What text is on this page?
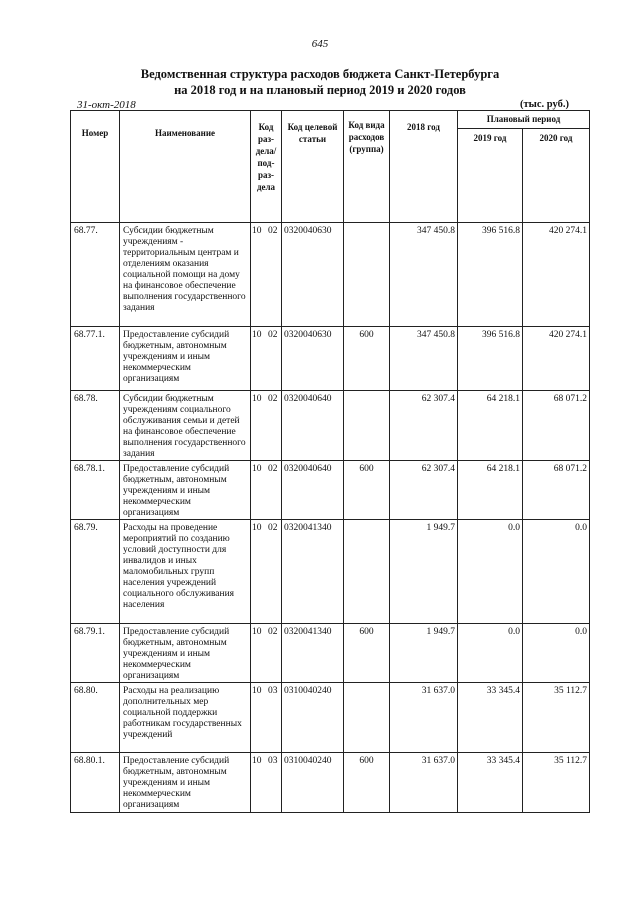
645
Ведомственная структура расходов бюджета Санкт-Петербурга
на 2018 год и на плановый период 2019 и 2020 годов
31-окт-2018	(тыс. руб.)
Номер	Наименование	Код раз-дела/ под-раз-дела	Код целевой статьи	Код вида расходов (группа)	2018 год	Плановый период	
						2019 год	2020 год
68.77.	Субсидии бюджетным учреждениям - территориальным центрам и отделениям оказания социальной помощи на дому на финансовое обеспечение выполнения государственного задания	10 02	0320040630		347 450.8	396 516.8	420 274.1
68.77.1.	Предоставление субсидий бюджетным, автономным учреждениям и иным некоммерческим организациям	10 02	0320040630	600	347 450.8	396 516.8	420 274.1
68.78.	Субсидии бюджетным учреждениям социального обслуживания семьи и детей на финансовое обеспечение выполнения государственного задания	10 02	0320040640		62 307.4	64 218.1	68 071.2
68.78.1.	Предоставление субсидий бюджетным, автономным учреждениям и иным некоммерческим организациям	10 02	0320040640	600	62 307.4	64 218.1	68 071.2
68.79.	Расходы на проведение мероприятий по созданию условий доступности для инвалидов и иных маломобильных групп населения учреждений социального обслуживания населения	10 02	0320041340		1 949.7	0.0	0.0
68.79.1.	Предоставление субсидий бюджетным, автономным учреждениям и иным некоммерческим организациям	10 02	0320041340	600	1 949.7	0.0	0.0
68.80.	Расходы на реализацию дополнительных мер социальной поддержки работникам государственных учреждений	10 03	0310040240		31 637.0	33 345.4	35 112.7
68.80.1.	Предоставление субсидий бюджетным, автономным учреждениям и иным некоммерческим организациям	10 03	0310040240	600	31 637.0	33 345.4	35 112.7
